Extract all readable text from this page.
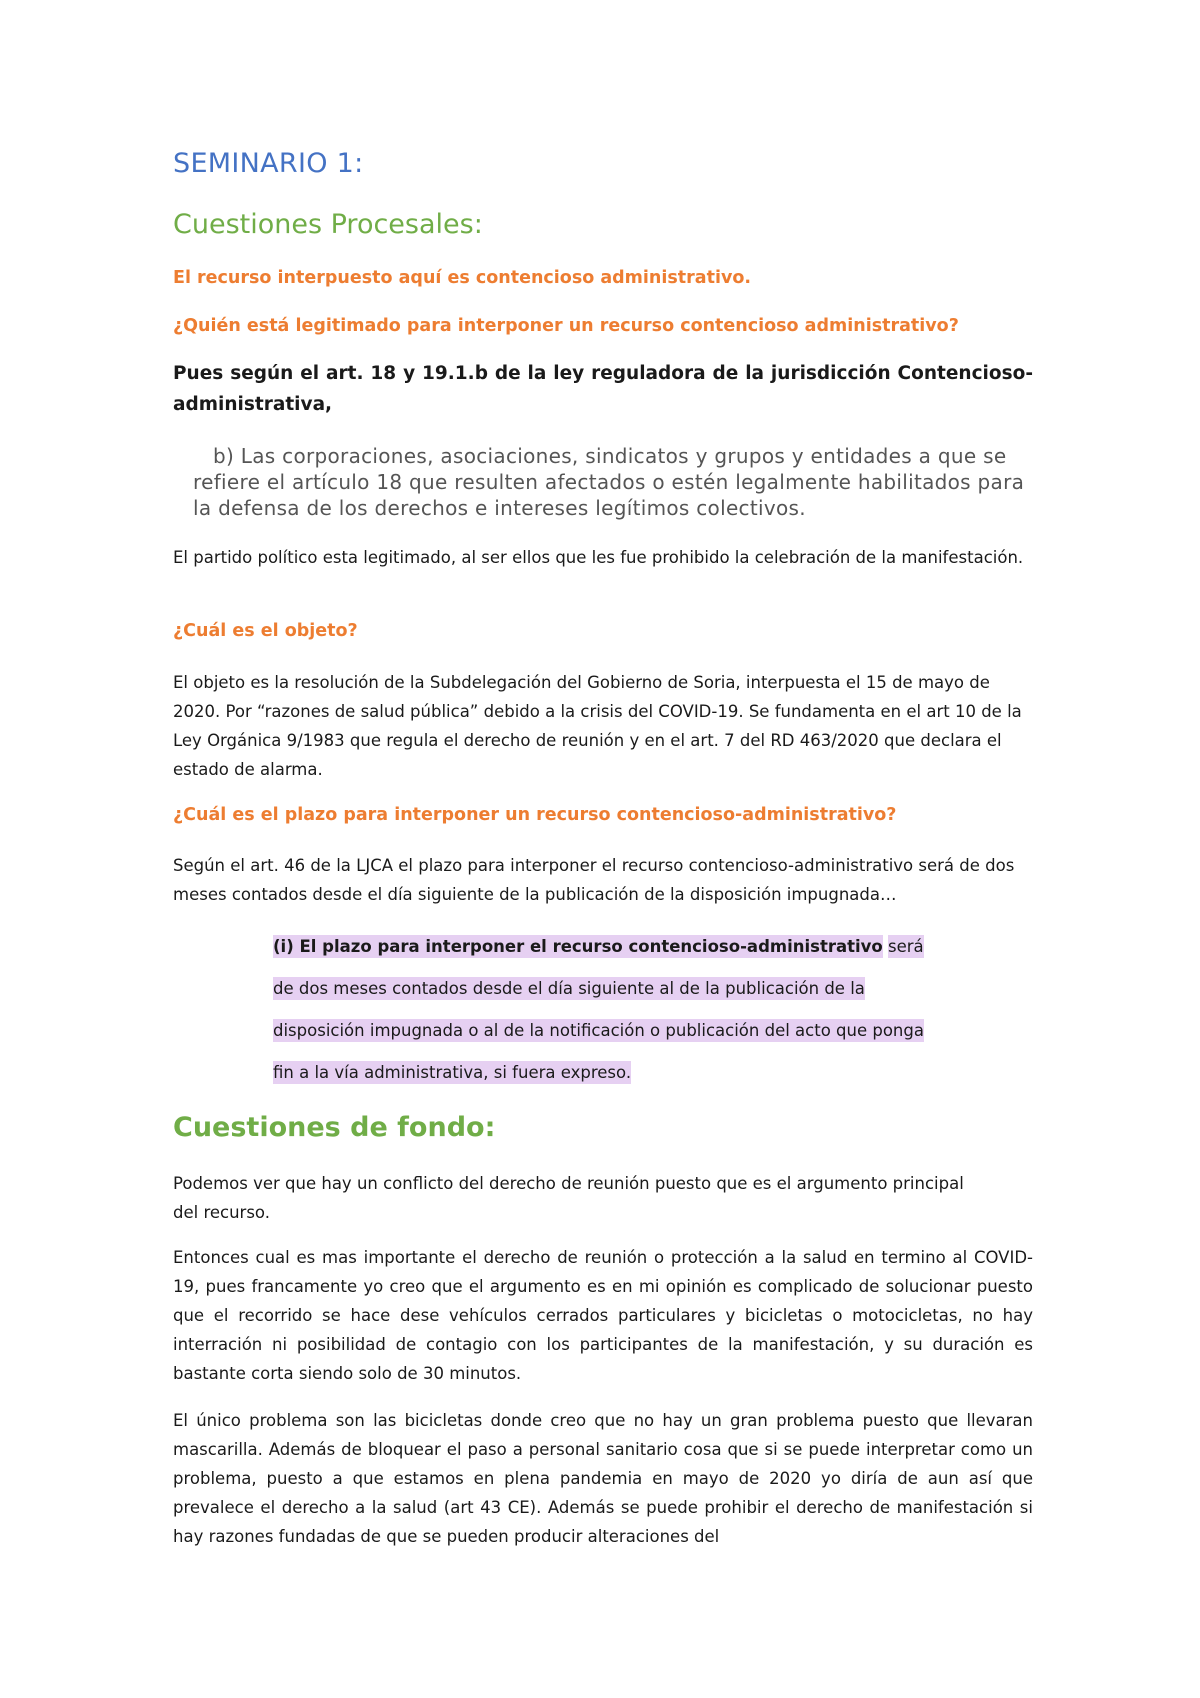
SEMINARIO 1:
Cuestiones Procesales:

El recurso interpuesto aquí es contencioso administrativo.

¿Quién está legitimado para interponer un recurso contencioso administrativo?

Pues según el art. 18 y 19.1.b de la ley reguladora de la jurisdicción Contencioso-administrativa,

b) Las corporaciones, asociaciones, sindicatos y grupos y entidades a que se refiere el artículo 18 que resulten afectados o estén legalmente habilitados para la defensa de los derechos e intereses legítimos colectivos.

El partido político esta legitimado, al ser ellos que les fue prohibido la celebración de la manifestación.

¿Cuál es el objeto?

El objeto es la resolución de la Subdelegación del Gobierno de Soria, interpuesta el 15 de mayo de 2020. Por “razones de salud pública” debido a la crisis del COVID-19. Se fundamenta en el art 10 de la Ley Orgánica 9/1983 que regula el derecho de reunión y en el art. 7 del RD 463/2020 que declara el estado de alarma.

¿Cuál es el plazo para interponer un recurso contencioso-administrativo?

Según el art. 46 de la LJCA el plazo para interponer el recurso contencioso-administrativo será de dos meses contados desde el día siguiente de la publicación de la disposición impugnada…

(i) El plazo para interponer el recurso contencioso-administrativo será de dos meses contados desde el día siguiente al de la publicación de la disposición impugnada o al de la notificación o publicación del acto que ponga fin a la vía administrativa, si fuera expreso.

Cuestiones de fondo:

Podemos ver que hay un conflicto del derecho de reunión puesto que es el argumento principal del recurso.

Entonces cual es mas importante el derecho de reunión o protección a la salud en termino al COVID-19, pues francamente yo creo que el argumento es en mi opinión es complicado de solucionar puesto que el recorrido se hace dese vehículos cerrados particulares y bicicletas o motocicletas, no hay interración ni posibilidad de contagio con los participantes de la manifestación, y su duración es bastante corta siendo solo de 30 minutos.

El único problema son las bicicletas donde creo que no hay un gran problema puesto que llevaran mascarilla. Además de bloquear el paso a personal sanitario cosa que si se puede interpretar como un problema, puesto a que estamos en plena pandemia en mayo de 2020 yo diría de aun así que prevalece el derecho a la salud (art 43 CE). Además se puede prohibir el derecho de manifestación si hay razones fundadas de que se pueden producir alteraciones del
